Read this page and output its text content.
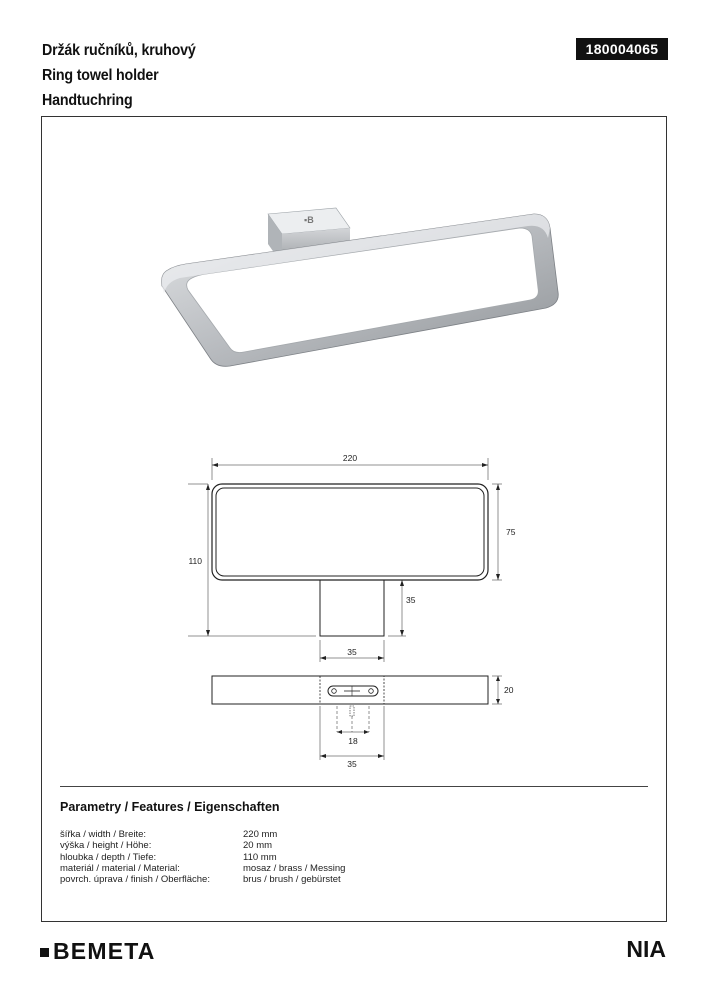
Držák ručníků, kruhový
Ring towel holder
Handtuchring
180004065
▪B
220
110
75
35
35
20
18
35
Parametry / Features / Eigenschaften
šířka / width / Breite:	220 mm
výška / height / Höhe:	20 mm
hloubka / depth / Tiefe:	110 mm
materiál / material / Material:	mosaz / brass / Messing
povrch. úprava / finish / Oberfläche:	brus / brush / gebürstet
BEMETA	NIA
